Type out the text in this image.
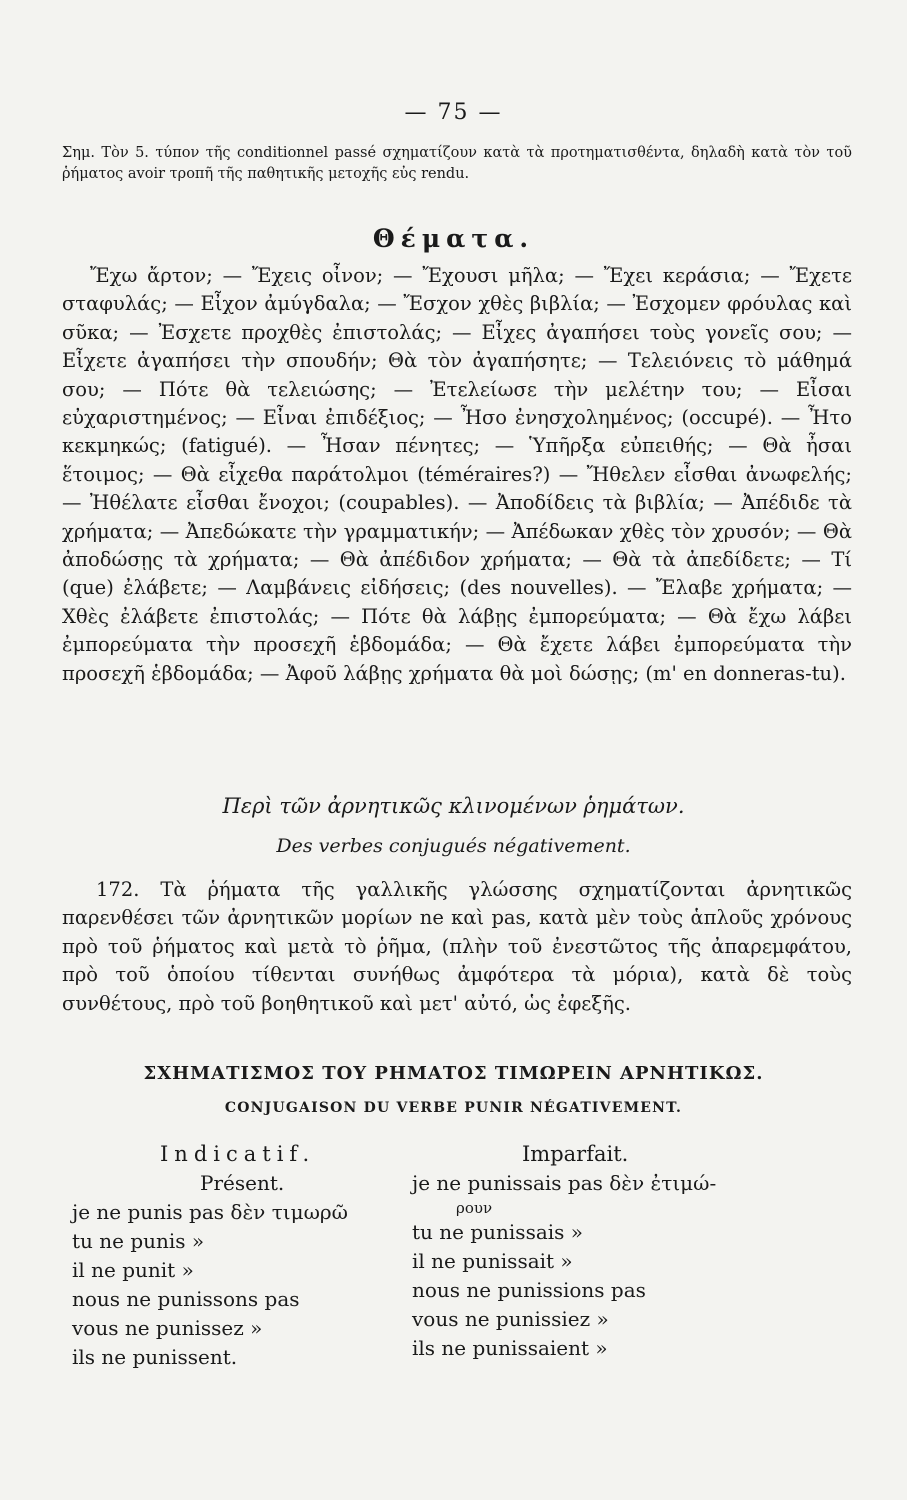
— 75 —
Σημ. Τὸν 5. τύπον τῆς conditionnel passé σχηματίζουν κατὰ τὰ προτηματισθέντα, δηλαδὴ κατὰ τὸν τοῦ ῥήματος avoir τροπῆ τῆς παθητικῆς μετοχῆς εὐς rendu.
Θέματα.
Ἔχω ἄρτον; — Ἔχεις οἶνον; — Ἔχουσι μῆλα; — Ἔχει κεράσια; — Ἔχετε σταφυλάς; — Εἶχον ἀμύγδαλα; — Ἔσχον χθὲς βιβλία; — Ἐσχομεν φρόυλας καὶ σῦκα; — Ἐσχετε προχθὲς ἐπιστολάς; — Εἶχες ἀγαπήσει τοὺς γονεῖς σου; — Εἶχετε ἀγαπήσει τὴν σπουδήν; Θὰ τὸν ἀγαπήσητε; — Τελειόνεις τὸ μάθημά σου; — Πότε θὰ τελειώσης; — Ἐτελείωσε τὴν μελέτην του; — Εἶσαι εὐχαριστημένος; — Εἶναι ἐπιδέξιος; — Ἦσο ἐνησχολημένος; (occupé). — Ἦτο κεκμηκώς; (fatigué). — Ἦσαν πένητες; — Ὑπῆρξα εὐπειθής; — Θὰ ἦσαι ἕτοιμος; — Θὰ εἶχεθα παράτολμοι (téméraires?) — Ἤθελεν εἶσθαι ἀνωφελής; — Ἠθέλατε εἶσθαι ἔνοχοι; (coupables). — Ἀποδίδεις τὰ βιβλία; — Ἀπέδιδε τὰ χρήματα; — Ἀπεδώκατε τὴν γραμματικήν; — Ἀπέδωκαν χθὲς τὸν χρυσόν; — Θὰ ἀποδώσῃς τὰ χρήματα; — Θὰ ἀπέδιδον χρήματα; — Θὰ τὰ ἀπεδίδετε; — Τί (que) ἐλάβετε; — Λαμβάνεις εἰδήσεις; (des nouvelles). — Ἔλαβε χρήματα; — Χθὲς ἐλάβετε ἐπιστολάς; — Πότε θὰ λάβῃς ἐμπορεύματα; — Θὰ ἔχω λάβει ἐμπορεύματα τὴν προσεχῆ ἑβδομάδα; — Θὰ ἔχετε λάβει ἐμπορεύματα τὴν προσεχῆ ἑβδομάδα; — Ἀφοῦ λάβῃς χρήματα θὰ μοὶ δώσῃς; (m' en donneras-tu).
Περὶ τῶν ἀρνητικῶς κλινομένων ῥημάτων.
Des verbes conjugués négativement.
172. Τὰ ῥήματα τῆς γαλλικῆς γλώσσης σχηματίζονται ἀρνητικῶς παρενθέσει τῶν ἀρνητικῶν μορίων ne καὶ pas, κατὰ μὲν τοὺς ἁπλοῦς χρόνους πρὸ τοῦ ῥήματος καὶ μετὰ τὸ ῥῆμα, (πλὴν τοῦ ἐνεστῶτος τῆς ἀπαρεμφάτου, πρὸ τοῦ ὁποίου τίθενται συνήθως ἀμφότερα τὰ μόρια), κατὰ δὲ τοὺς συνθέτους, πρὸ τοῦ βοηθητικοῦ καὶ μετ' αὐτό, ὡς ἐφεξῆς.
ΣΧΗΜΑΤΙΣΜΟΣ ΤΟΥ ΡΗΜΑΤΟΣ ΤΙΜΩΡΕΙΝ ΑΡΝΗΤΙΚΩΣ.
CONJUGAISON DU VERBE PUNIR NÉGATIVEMENT.
Indicatif.
Présent.
je ne punis pas δὲν τιμωρῶ
tu ne punis »
il ne punit »
nous ne punissons pas
vous ne punissez »
ils ne punissent.
Imparfait.
je ne punissais pas δὲν ἐτιμώ-
ρουν
tu ne punissais »
il ne punissait »
nous ne punissions pas
vous ne punissiez »
ils ne punissaient »
